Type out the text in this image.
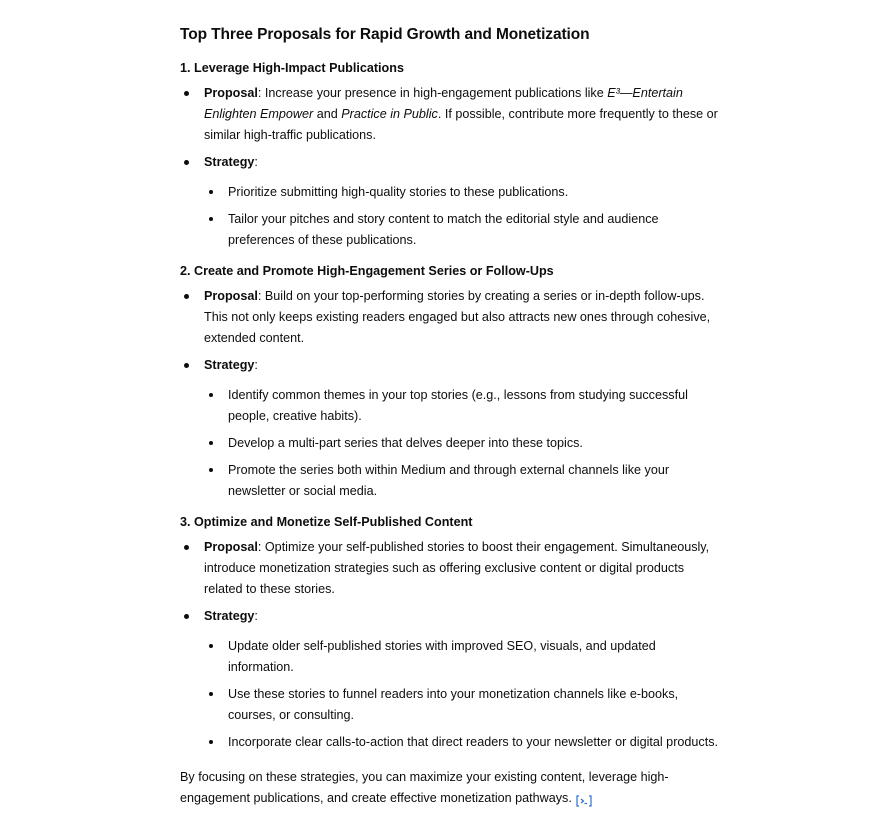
Top Three Proposals for Rapid Growth and Monetization
1. Leverage High-Impact Publications
Proposal: Increase your presence in high-engagement publications like E³—Entertain Enlighten Empower and Practice in Public. If possible, contribute more frequently to these or similar high-traffic publications.
Strategy:
Prioritize submitting high-quality stories to these publications.
Tailor your pitches and story content to match the editorial style and audience preferences of these publications.
2. Create and Promote High-Engagement Series or Follow-Ups
Proposal: Build on your top-performing stories by creating a series or in-depth follow-ups. This not only keeps existing readers engaged but also attracts new ones through cohesive, extended content.
Strategy:
Identify common themes in your top stories (e.g., lessons from studying successful people, creative habits).
Develop a multi-part series that delves deeper into these topics.
Promote the series both within Medium and through external channels like your newsletter or social media.
3. Optimize and Monetize Self-Published Content
Proposal: Optimize your self-published stories to boost their engagement. Simultaneously, introduce monetization strategies such as offering exclusive content or digital products related to these stories.
Strategy:
Update older self-published stories with improved SEO, visuals, and updated information.
Use these stories to funnel readers into your monetization channels like e-books, courses, or consulting.
Incorporate clear calls-to-action that direct readers to your newsletter or digital products.
By focusing on these strategies, you can maximize your existing content, leverage high-engagement publications, and create effective monetization pathways.
